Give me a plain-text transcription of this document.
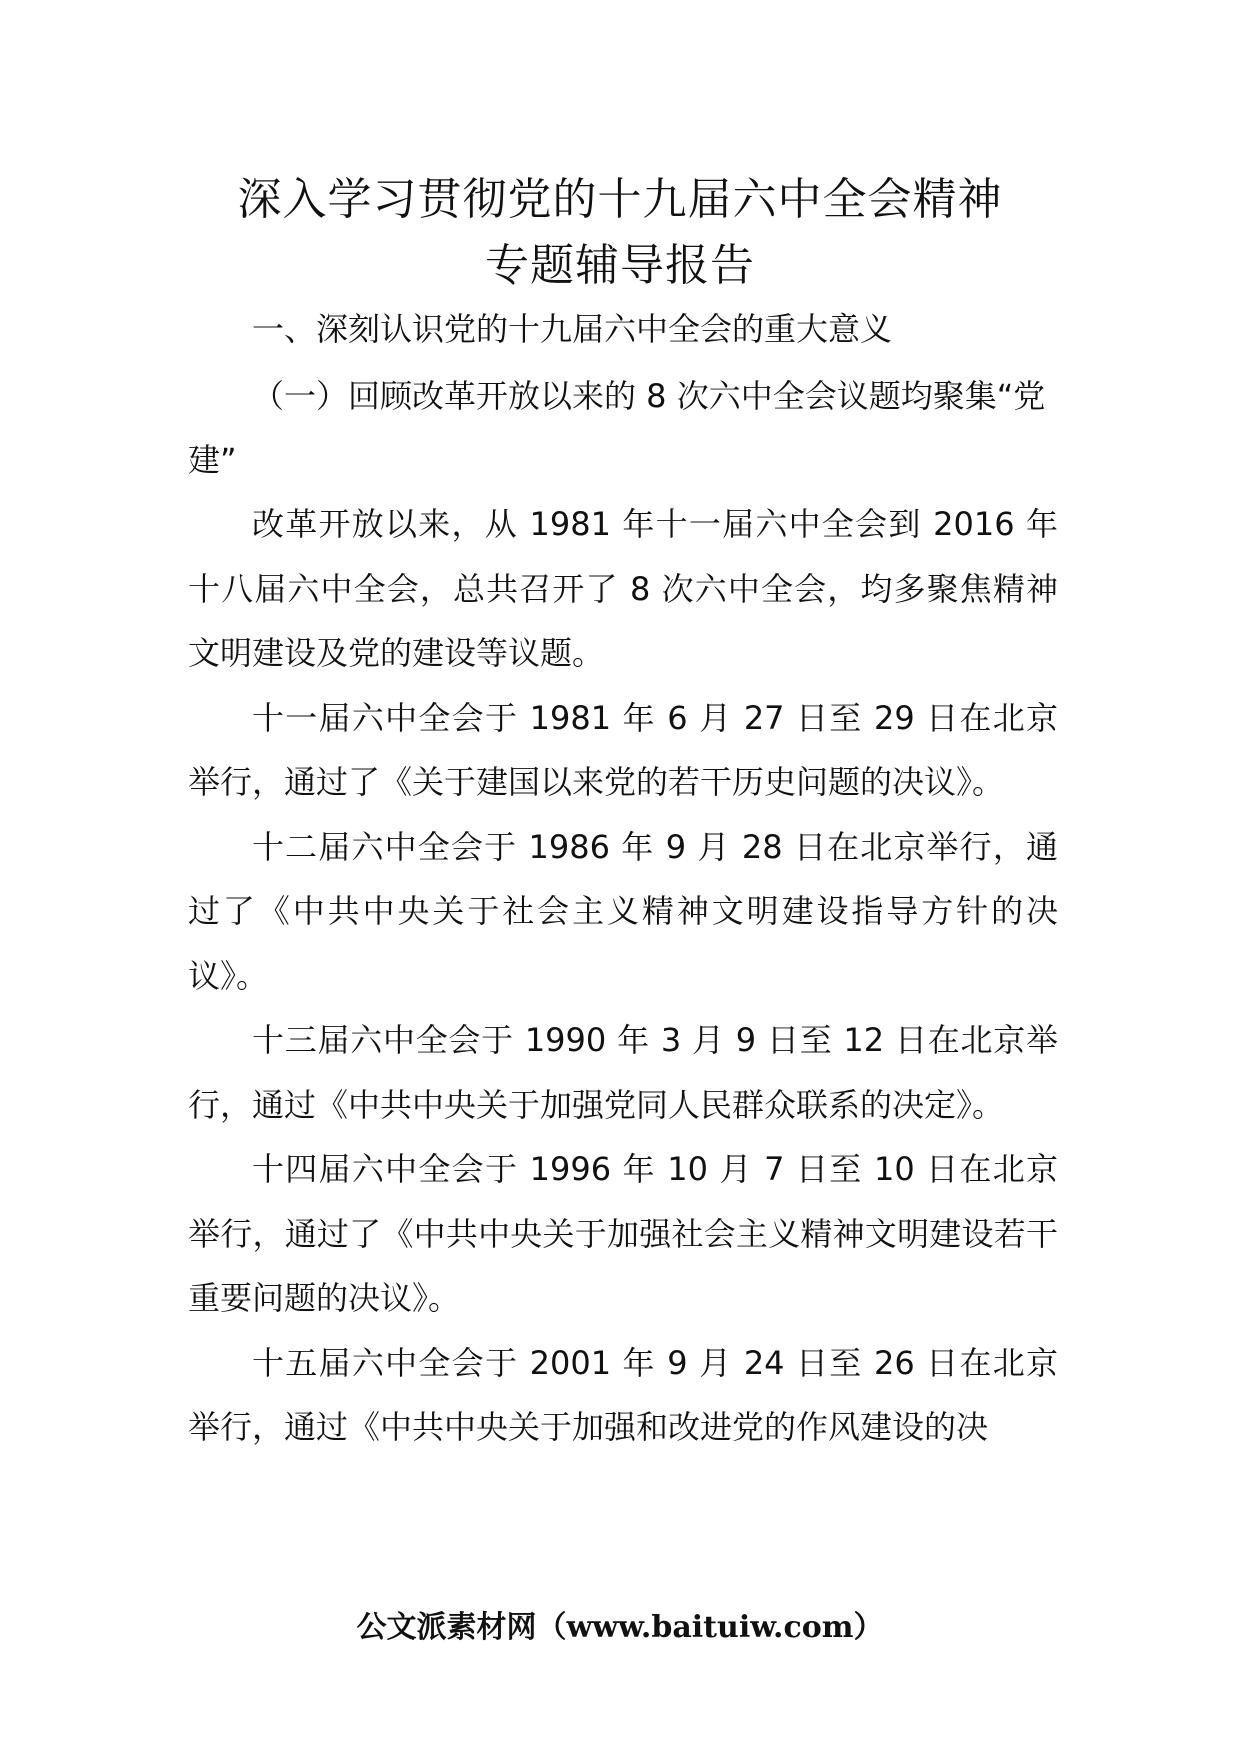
深入学习贯彻党的十九届六中全会精神
专题辅导报告

一、深刻认识党的十九届六中全会的重大意义

（一）回顾改革开放以来的 8 次六中全会议题均聚集“党建”

改革开放以来，从 1981 年十一届六中全会到 2016 年十八届六中全会，总共召开了 8 次六中全会，均多聚焦精神文明建设及党的建设等议题。

十一届六中全会于 1981 年 6 月 27 日至 29 日在北京举行，通过了《关于建国以来党的若干历史问题的决议》。

十二届六中全会于 1986 年 9 月 28 日在北京举行，通过了《中共中央关于社会主义精神文明建设指导方针的决议》。

十三届六中全会于 1990 年 3 月 9 日至 12 日在北京举行，通过《中共中央关于加强党同人民群众联系的决定》。

十四届六中全会于 1996 年 10 月 7 日至 10 日在北京举行，通过了《中共中央关于加强社会主义精神文明建设若干重要问题的决议》。

十五届六中全会于 2001 年 9 月 24 日至 26 日在北京举行，通过《中共中央关于加强和改进党的作风建设的决

公文派素材网（www.baituiw.com）
